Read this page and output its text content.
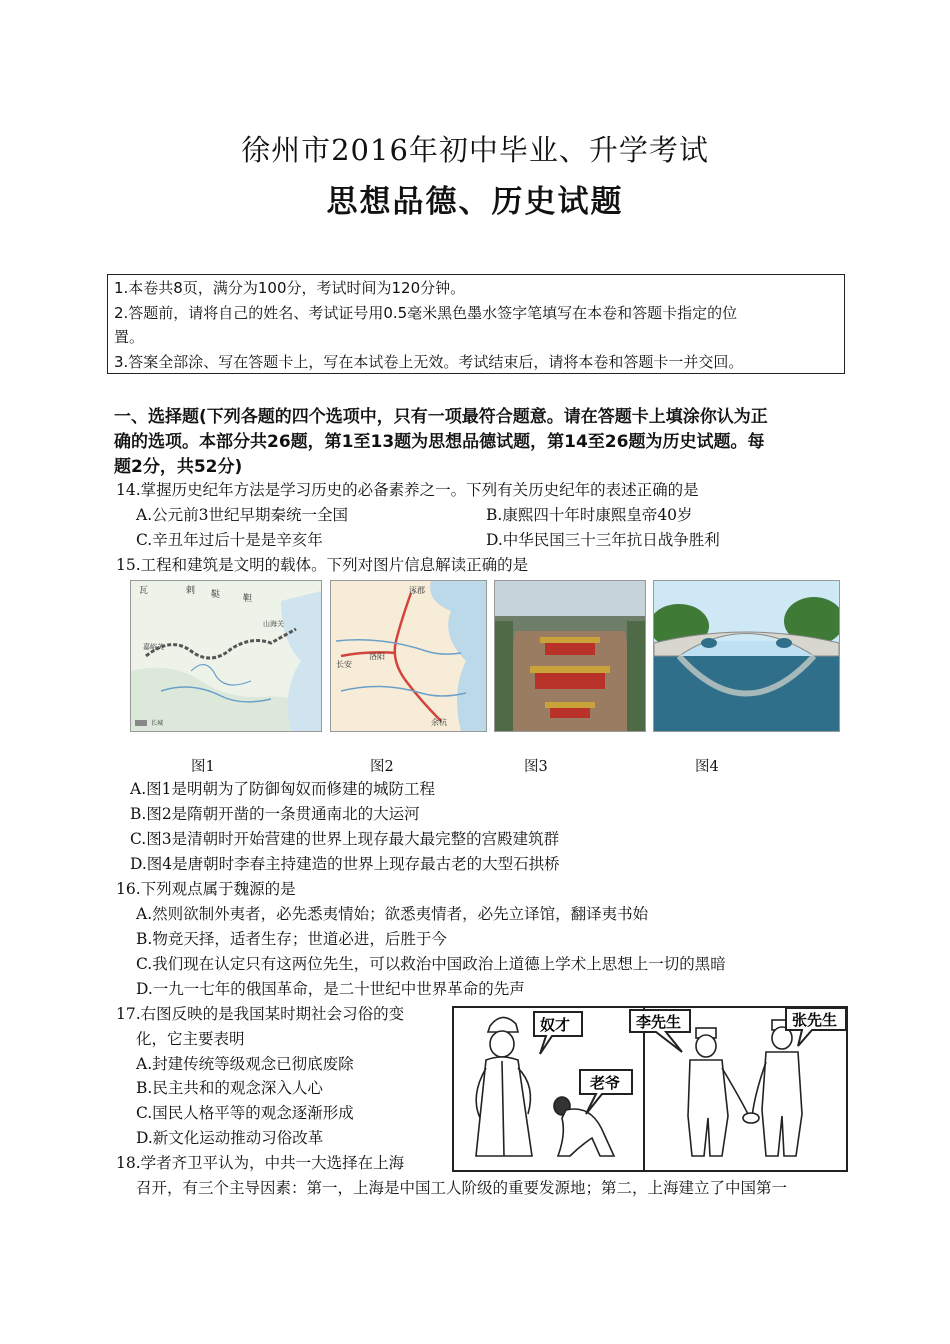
徐州市2016年初中毕业、升学考试
思想品德、历史试题
1.本卷共8页，满分为100分，考试时间为120分钟。
2.答题前，请将自己的姓名、考试证号用0.5毫米黑色墨水签字笔填写在本卷和答题卡指定的位
置。
3.答案全部涂、写在答题卡上，写在本试卷上无效。考试结束后，请将本卷和答题卡一并交回。
一、选择题(下列各题的四个选项中，只有一项最符合题意。请在答题卡上填涂你认为正
确的选项。本部分共26题，第1至13题为思想品德试题，第14至26题为历史试题。每
题2分，共52分)
14.掌握历史纪年方法是学习历史的必备素养之一。下列有关历史纪年的表述正确的是
A.公元前3世纪早期秦统一全国	B.康熙四十年时康熙皇帝40岁
C.辛丑年过后十是是辛亥年	D.中华民国三十三年抗日战争胜利
15.工程和建筑是文明的载体。下列对图片信息解读正确的是
瓦	剌 鞑	靼
山海关
嘉峪关
长城
涿郡
长安
洛阳
余杭
图1	图2	图3	图4
A.图1是明朝为了防御匈奴而修建的城防工程
B.图2是隋朝开凿的一条贯通南北的大运河
C.图3是清朝时开始营建的世界上现存最大最完整的宫殿建筑群
D.图4是唐朝时李春主持建造的世界上现存最古老的大型石拱桥
16.下列观点属于魏源的是
A.然则欲制外夷者，必先悉夷情始；欲悉夷情者，必先立译馆，翻译夷书始
B.物竞天择，适者生存；世道必进，后胜于今
C.我们现在认定只有这两位先生，可以救治中国政治上道德上学术上思想上一切的黑暗
D.一九一七年的俄国革命，是二十世纪中世界革命的先声
17.右图反映的是我国某时期社会习俗的变
化，它主要表明
A.封建传统等级观念已彻底废除
B.民主共和的观念深入人心
C.国民人格平等的观念逐渐形成
D.新文化运动推动习俗改革
奴才
老爷
李先生	张先生
18.学者齐卫平认为，中共一大选择在上海
召开，有三个主导因素：第一，上海是中国工人阶级的重要发源地；第二，上海建立了中国第一
